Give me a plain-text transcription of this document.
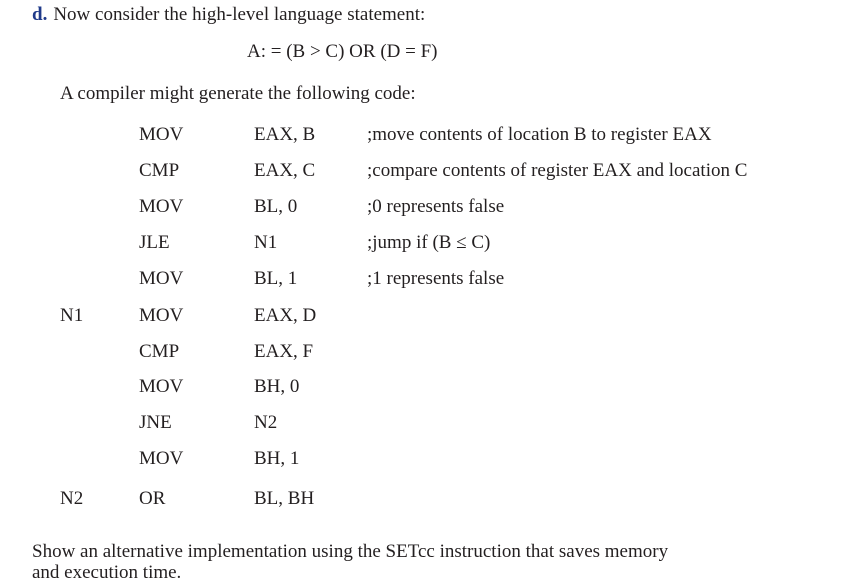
d. Now consider the high-level language statement:
A: = (B > C) OR (D = F)
A compiler might generate the following code:
MOV	EAX, B	;move contents of location B to register EAX
CMP	EAX, C	;compare contents of register EAX and location C
MOV	BL, 0	;0 represents false
JLE	N1	;jump if (B ≤ C)
MOV	BL, 1	;1 represents false
N1	MOV	EAX, D
CMP	EAX, F
MOV	BH, 0
JNE	N2
MOV	BH, 1
N2	OR	BL, BH
Show an alternative implementation using the SETcc instruction that saves memory
and execution time.
